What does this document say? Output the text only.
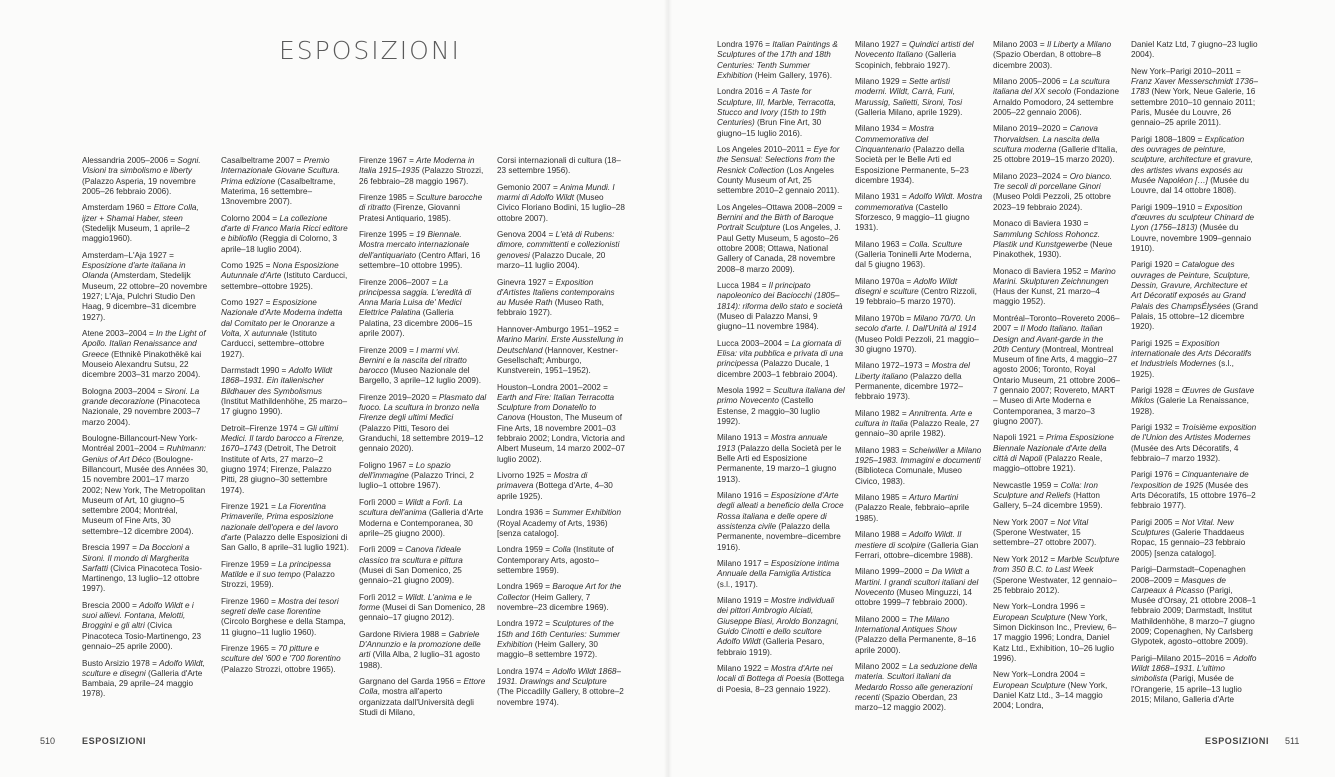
ESPOSIZIONI

Alessandria 2005–2006 = Sogni. Visioni tra simbolismo e liberty (Palazzo Asperia, 19 novembre 2005–26 febbraio 2006).

Amsterdam 1960 = Ettore Colla, ijzer + Shamai Haber, steen (Stedelijk Museum, 1 aprile–2 maggio1960).

Amsterdam–L'Aja 1927 = Esposizione d'arte italiana in Olanda (Amsterdam, Stedelijk Museum, 22 ottobre–20 novembre 1927; L'Aja, Pulchri Studio Den Haag, 9 dicembre–31 dicembre 1927).

Atene 2003–2004 = In the Light of Apollo. Italian Renaissance and Greece (Ethnikē Pinakothēkē kai Mouseio Alexandru Sutsu, 22 dicembre 2003–31 marzo 2004).

Bologna 2003–2004 = Sironi. La grande decorazione (Pinacoteca Nazionale, 29 novembre 2003–7 marzo 2004).

Boulogne-Billancourt-New York-Montréal 2001–2004 = Ruhlmann: Genius of Art Déco (Boulogne-Billancourt, Musée des Années 30, 15 novembre 2001–17 marzo 2002; New York, The Metropolitan Museum of Art, 10 giugno–5 settembre 2004; Montréal, Museum of Fine Arts, 30 settembre–12 dicembre 2004).

Brescia 1997 = Da Boccioni a Sironi. Il mondo di Margherita Sarfatti (Civica Pinacoteca Tosio-Martinengo, 13 luglio–12 ottobre 1997).

Brescia 2000 = Adolfo Wildt e i suoi allievi. Fontana, Melotti, Broggini e gli altri (Civica Pinacoteca Tosio-Martinengo, 23 gennaio–25 aprile 2000).

Busto Arsizio 1978 = Adolfo Wildt, sculture e disegni (Galleria d'Arte Bambaia, 29 aprile–24 maggio 1978).

Casalbeltrame 2007 = Premio Internazionale Giovane Scultura. Prima edizione (Casalbeltrame, Materima, 16 settembre–13novembre 2007).

Colorno 2004 = La collezione d'arte di Franco Maria Ricci editore e bibliofilo (Reggia di Colorno, 3 aprile–18 luglio 2004).

Como 1925 = Nona Esposizione Autunnale d'Arte (Istituto Carducci, settembre–ottobre 1925).

Como 1927 = Esposizione Nazionale d'Arte Moderna indetta dal Comitato per le Onoranze a Volta, X autunnale (Istituto Carducci, settembre–ottobre 1927).

Darmstadt 1990 = Adolfo Wildt 1868–1931. Ein italienischer Bildhauer des Symbolismus (Institut Mathildenhöhe, 25 marzo–17 giugno 1990).

Detroit–Firenze 1974 = Gli ultimi Medici. Il tardo barocco a Firenze, 1670–1743 (Detroit, The Detroit Institute of Arts, 27 marzo–2 giugno 1974; Firenze, Palazzo Pitti, 28 giugno–30 settembre 1974).

Firenze 1921 = La Fiorentina Primaverile, Prima esposizione nazionale dell'opera e del lavoro d'arte (Palazzo delle Esposizioni di San Gallo, 8 aprile–31 luglio 1921).

Firenze 1959 = La principessa Matilde e il suo tempo (Palazzo Strozzi, 1959).

Firenze 1960 = Mostra dei tesori segreti delle case fiorentine (Circolo Borghese e della Stampa, 11 giugno–11 luglio 1960).

Firenze 1965 = 70 pitture e sculture del '600 e '700 fiorentino (Palazzo Strozzi, ottobre 1965).

Firenze 1967 = Arte Moderna in Italia 1915–1935 (Palazzo Strozzi, 26 febbraio–28 maggio 1967).

Firenze 1985 = Sculture barocche di ritratto (Firenze, Giovanni Pratesi Antiquario, 1985).

Firenze 1995 = 19 Biennale. Mostra mercato internazionale dell'antiquariato (Centro Affari, 16 settembre–10 ottobre 1995).

Firenze 2006–2007 = La principessa saggia. L'eredità di Anna Maria Luisa de' Medici Elettrice Palatina (Galleria Palatina, 23 dicembre 2006–15 aprile 2007).

Firenze 2009 = I marmi vivi. Bernini e la nascita del ritratto barocco (Museo Nazionale del Bargello, 3 aprile–12 luglio 2009).

Firenze 2019–2020 = Plasmato dal fuoco. La scultura in bronzo nella Firenze degli ultimi Medici (Palazzo Pitti, Tesoro dei Granduchi, 18 settembre 2019–12 gennaio 2020).

Foligno 1967 = Lo spazio dell'immagine (Palazzo Trinci, 2 luglio–1 ottobre 1967).

Forlì 2000 = Wildt a Forlì. La scultura dell'anima (Galleria d'Arte Moderna e Contemporanea, 30 aprile–25 giugno 2000).

Forlì 2009 = Canova l'ideale classico tra scultura e pittura (Musei di San Domenico, 25 gennaio–21 giugno 2009).

Forlì 2012 = Wildt. L'anima e le forme (Musei di San Domenico, 28 gennaio–17 giugno 2012).

Gardone Riviera 1988 = Gabriele D'Annunzio e la promozione delle arti (Villa Alba, 2 luglio–31 agosto 1988).

Gargnano del Garda 1956 = Ettore Colla, mostra all'aperto organizzata dall'Università degli Studi di Milano,

Corsi internazionali di cultura (18–23 settembre 1956).

Gemonio 2007 = Anima Mundi. I marmi di Adolfo Wildt (Museo Civico Floriano Bodini, 15 luglio–28 ottobre 2007).

Genova 2004 = L'età di Rubens: dimore, committenti e collezionisti genovesi (Palazzo Ducale, 20 marzo–11 luglio 2004).

Ginevra 1927 = Exposition d'Artistes Italiens contemporains au Musée Rath (Museo Rath, febbraio 1927).

Hannover-Amburgo 1951–1952 = Marino Marini. Erste Ausstellung in Deutschland (Hannover, Kestner-Gesellschaft; Amburgo, Kunstverein, 1951–1952).

Houston–Londra 2001–2002 = Earth and Fire: Italian Terracotta Sculpture from Donatello to Canova (Houston, The Museum of Fine Arts, 18 novembre 2001–03 febbraio 2002; Londra, Victoria and Albert Museum, 14 marzo 2002–07 luglio 2002).

Livorno 1925 = Mostra di primavera (Bottega d'Arte, 4–30 aprile 1925).

Londra 1936 = Summer Exhibition (Royal Academy of Arts, 1936) [senza catalogo].

Londra 1959 = Colla (Institute of Contemporary Arts, agosto–settembre 1959).

Londra 1969 = Baroque Art for the Collector (Heim Gallery, 7 novembre–23 dicembre 1969).

Londra 1972 = Sculptures of the 15th and 16th Centuries: Summer Exhibition (Heim Gallery, 30 maggio–8 settembre 1972).

Londra 1974 = Adolfo Wildt 1868–1931. Drawings and Sculpture (The Piccadilly Gallery, 8 ottobre–2 novembre 1974).

Londra 1976 = Italian Paintings & Sculptures of the 17th and 18th Centuries: Tenth Summer Exhibition (Heim Gallery, 1976).

Londra 2016 = A Taste for Sculpture, III, Marble, Terracotta, Stucco and Ivory (15th to 19th Centuries) (Brun Fine Art, 30 giugno–15 luglio 2016).

Los Angeles 2010–2011 = Eye for the Sensual: Selections from the Resnick Collection (Los Angeles County Museum of Art, 25 settembre 2010–2 gennaio 2011).

Los Angeles–Ottawa 2008–2009 = Bernini and the Birth of Baroque Portrait Sculpture (Los Angeles, J. Paul Getty Museum, 5 agosto–26 ottobre 2008; Ottawa, National Gallery of Canada, 28 novembre 2008–8 marzo 2009).

Lucca 1984 = Il principato napoleonico dei Baciocchi (1805–1814): riforma dello stato e società (Museo di Palazzo Mansi, 9 giugno–11 novembre 1984).

Lucca 2003–2004 = La giornata di Elisa: vita pubblica e privata di una principessa (Palazzo Ducale, 1 dicembre 2003–1 febbraio 2004).

Mesola 1992 = Scultura italiana del primo Novecento (Castello Estense, 2 maggio–30 luglio 1992).

Milano 1913 = Mostra annuale 1913 (Palazzo della Società per le Belle Arti ed Esposizione Permanente, 19 marzo–1 giugno 1913).

Milano 1916 = Esposizione d'Arte degli alleati a beneficio della Croce Rossa italiana e delle opere di assistenza civile (Palazzo della Permanente, novembre–dicembre 1916).

Milano 1917 = Esposizione intima Annuale della Famiglia Artistica (s.l., 1917).

Milano 1919 = Mostre individuali dei pittori Ambrogio Alciati, Giuseppe Biasi, Aroldo Bonzagni, Guido Cinotti e dello scultore Adolfo Wildt (Galleria Pesaro, febbraio 1919).

Milano 1922 = Mostra d'Arte nei locali di Bottega di Poesia (Bottega di Poesia, 8–23 gennaio 1922).

Milano 1927 = Quindici artisti del Novecento Italiano (Galleria Scopinich, febbraio 1927).

Milano 1929 = Sette artisti moderni. Wildt, Carrà, Funi, Marussig, Salietti, Sironi, Tosi (Galleria Milano, aprile 1929).

Milano 1934 = Mostra Commemorativa del Cinquantenario (Palazzo della Società per le Belle Arti ed Esposizione Permanente, 5–23 dicembre 1934).

Milano 1931 = Adolfo Wildt. Mostra commemorativa (Castello Sforzesco, 9 maggio–11 giugno 1931).

Milano 1963 = Colla. Sculture (Galleria Toninelli Arte Moderna, dal 5 giugno 1963).

Milano 1970a = Adolfo Wildt disegni e sculture (Centro Rizzoli, 19 febbraio–5 marzo 1970).

Milano 1970b = Milano 70/70. Un secolo d'arte. I. Dall'Unità al 1914 (Museo Poldi Pezzoli, 21 maggio–30 giugno 1970).

Milano 1972–1973 = Mostra del Liberty italiano (Palazzo della Permanente, dicembre 1972–febbraio 1973).

Milano 1982 = Annitrenta. Arte e cultura in Italia (Palazzo Reale, 27 gennaio–30 aprile 1982).

Milano 1983 = Scheiwiller a Milano 1925–1983. Immagini e documenti (Biblioteca Comunale, Museo Civico, 1983).

Milano 1985 = Arturo Martini (Palazzo Reale, febbraio–aprile 1985).

Milano 1988 = Adolfo Wildt. Il mestiere di scolpire (Galleria Gian Ferrari, ottobre–dicembre 1988).

Milano 1999–2000 = Da Wildt a Martini. I grandi scultori italiani del Novecento (Museo Minguzzi, 14 ottobre 1999–7 febbraio 2000).

Milano 2000 = The Milano International Antiques Show (Palazzo della Permanente, 8–16 aprile 2000).

Milano 2002 = La seduzione della materia. Scultori italiani da Medardo Rosso alle generazioni recenti (Spazio Oberdan, 23 marzo–12 maggio 2002).

Milano 2003 = Il Liberty a Milano (Spazio Oberdan, 8 ottobre–8 dicembre 2003).

Milano 2005–2006 = La scultura italiana del XX secolo (Fondazione Arnaldo Pomodoro, 24 settembre 2005–22 gennaio 2006).

Milano 2019–2020 = Canova Thorvaldsen. La nascita della scultura moderna (Gallerie d'Italia, 25 ottobre 2019–15 marzo 2020).

Milano 2023–2024 = Oro bianco. Tre secoli di porcellane Ginori (Museo Poldi Pezzoli, 25 ottobre 2023–19 febbraio 2024).

Monaco di Baviera 1930 = Sammlung Schloss Rohoncz. Plastik und Kunstgewerbe (Neue Pinakothek, 1930).

Monaco di Baviera 1952 = Marino Marini. Skulpturen Zeichnungen (Haus der Kunst, 21 marzo–4 maggio 1952).

Montréal–Toronto–Rovereto 2006–2007 = Il Modo Italiano. Italian Design and Avant-garde in the 20th Century (Montreal, Montreal Museum of fine Arts, 4 maggio–27 agosto 2006; Toronto, Royal Ontario Museum, 21 ottobre 2006–7 gennaio 2007; Rovereto, MART – Museo di Arte Moderna e Contemporanea, 3 marzo–3 giugno 2007).

Napoli 1921 = Prima Esposizione Biennale Nazionale d'Arte della città di Napoli (Palazzo Reale, maggio–ottobre 1921).

Newcastle 1959 = Colla: Iron Sculpture and Reliefs (Hatton Gallery, 5–24 dicembre 1959).

New York 2007 = Not Vital (Sperone Westwater, 15 settembre–27 ottobre 2007).

New York 2012 = Marble Sculpture from 350 B.C. to Last Week (Sperone Westwater, 12 gennaio–25 febbraio 2012).

New York–Londra 1996 = European Sculpture (New York, Simon Dickinson Inc., Preview, 6–17 maggio 1996; Londra, Daniel Katz Ltd., Exhibition, 10–26 luglio 1996).

New York–Londra 2004 = European Sculpture (New York, Daniel Katz Ltd., 3–14 maggio 2004; Londra,

Daniel Katz Ltd, 7 giugno–23 luglio 2004).

New York–Parigi 2010–2011 = Franz Xaver Messerschmidt 1736–1783 (New York, Neue Galerie, 16 settembre 2010–10 gennaio 2011; Paris, Musée du Louvre, 26 gennaio–25 aprile 2011).

Parigi 1808–1809 = Explication des ouvrages de peinture, sculpture, architecture et gravure, des artistes vivans exposés au Musée Napoléon […] (Musée du Louvre, dal 14 ottobre 1808).

Parigi 1909–1910 = Exposition d'œuvres du sculpteur Chinard de Lyon (1756–1813) (Musée du Louvre, novembre 1909–gennaio 1910).

Parigi 1920 = Catalogue des ouvrages de Peinture, Sculpture, Dessin, Gravure, Architecture et Art Décoratif exposés au Grand Palais des ChampsÉlysées (Grand Palais, 15 ottobre–12 dicembre 1920).

Parigi 1925 = Exposition internationale des Arts Décoratifs et Industriels Modernes (s.l., 1925).

Parigi 1928 = Œuvres de Gustave Miklos (Galerie La Renaissance, 1928).

Parigi 1932 = Troisième exposition de l'Union des Artistes Modernes (Musée des Arts Décoratifs, 4 febbraio–7 marzo 1932).

Parigi 1976 = Cinquantenaire de l'exposition de 1925 (Musée des Arts Décoratifs, 15 ottobre 1976–2 febbraio 1977).

Parigi 2005 = Not Vital. New Sculptures (Galerie Thaddaeus Ropac, 15 gennaio–23 febbraio 2005) [senza catalogo].

Parigi–Darmstadt–Copenaghen 2008–2009 = Masques de Carpeaux à Picasso (Parigi, Musée d'Orsay, 21 ottobre 2008–1 febbraio 2009; Darmstadt, Institut Mathildenhöhe, 8 marzo–7 giugno 2009; Copenaghen, Ny Carlsberg Glypotek, agosto–ottobre 2009).

Parigi–Milano 2015–2016 = Adolfo Wildt 1868–1931. L'ultimo simbolista (Parigi, Musée de l'Orangerie, 15 aprile–13 luglio 2015; Milano, Galleria d'Arte

510	ESPOSIZIONI	ESPOSIZIONI 511
